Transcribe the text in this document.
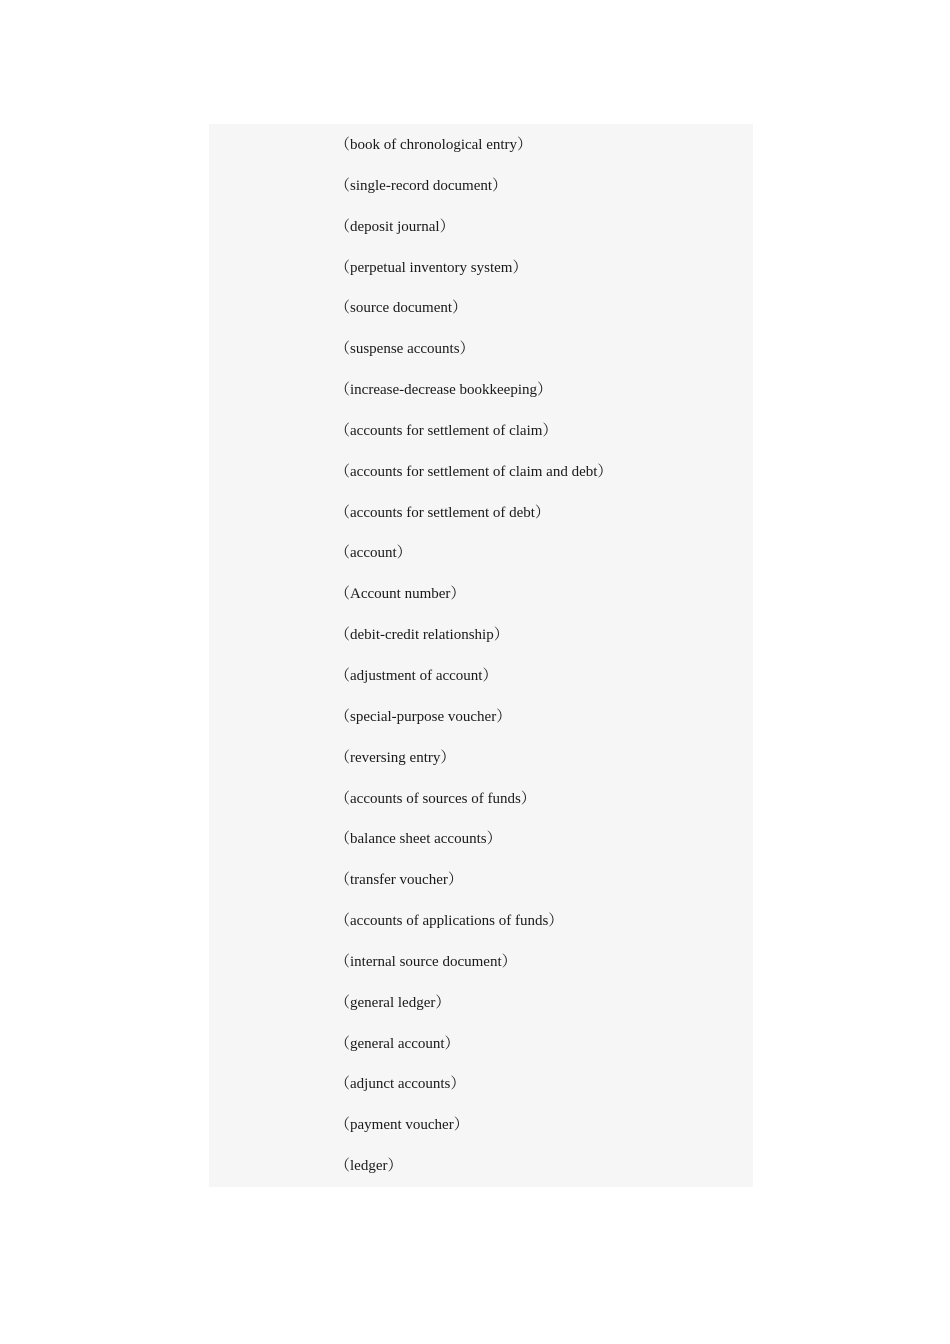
（book of chronological entry）
（single-record document）
（deposit journal）
（perpetual inventory system）
（source document）
（suspense accounts）
（increase-decrease bookkeeping）
（accounts for settlement of claim）
（accounts for settlement of claim and debt）
（accounts for settlement of debt）
（account）
（Account number）
（debit-credit relationship）
（adjustment of account）
（special-purpose voucher）
（reversing entry）
（accounts of sources of funds）
（balance sheet accounts）
（transfer voucher）
（accounts of applications of funds）
（internal source document）
（general ledger）
（general account）
（adjunct accounts）
（payment voucher）
（ledger）
